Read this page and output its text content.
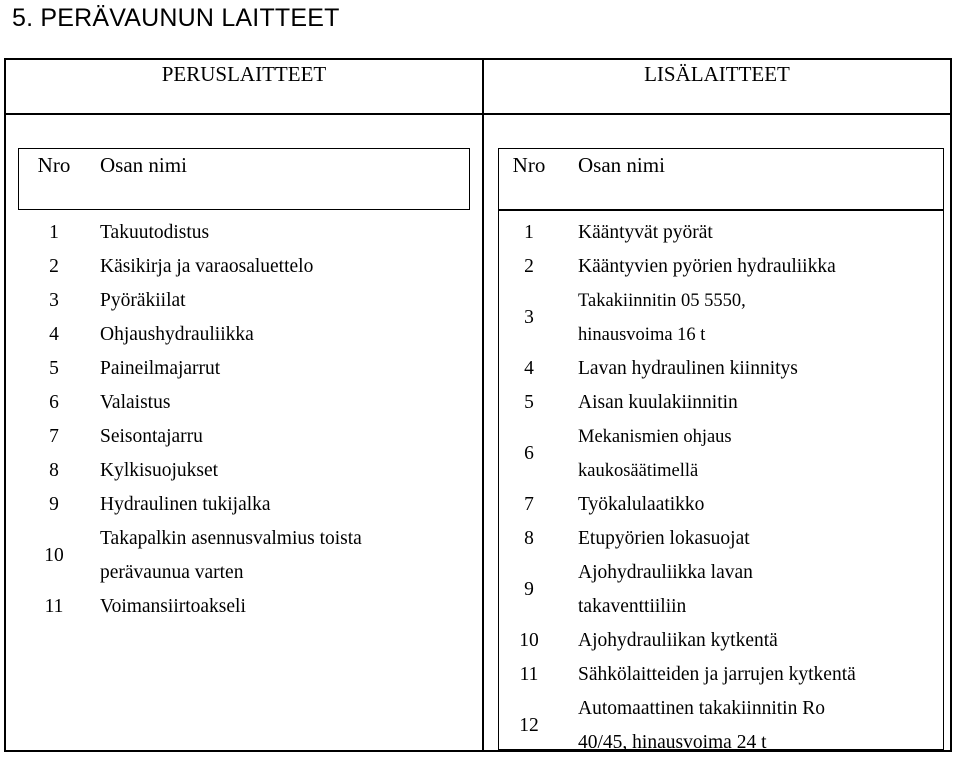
5. PERÄVAUNUN LAITTEET
PERUSLAITTEET	LISÄLAITTEET
Nro	Osan nimi

1	Takuutodistus
2	Käsikirja ja varaosaluettelo
3	Pyöräkiilat
4	Ohjaushydrauliikka
5	Paineilmajarrut
6	Valaistus
7	Seisontajarru
8	Kylkisuojukset
9	Hydraulinen tukijalka
10	Takapalkin asennusvalmius toista
perävaunua varten

11	Voimansiirtoakseli
Nro	Osan nimi

1	Kääntyvät pyörät
2	Kääntyvien pyörien hydrauliikka
3	Takakiinnitin 05 5550,
hinausvoima 16 t

4	Lavan hydraulinen kiinnitys
5	Aisan kuulakiinnitin
6	Mekanismien ohjaus
kaukosäätimellä

7	Työkalulaatikko
8	Etupyörien lokasuojat
9	Ajohydrauliikka lavan
takaventtiiliin

10	Ajohydrauliikan kytkentä
11	Sähkölaitteiden ja jarrujen kytkentä
12	Automaattinen takakiinnitin Ro
40/45, hinausvoima 24 t
